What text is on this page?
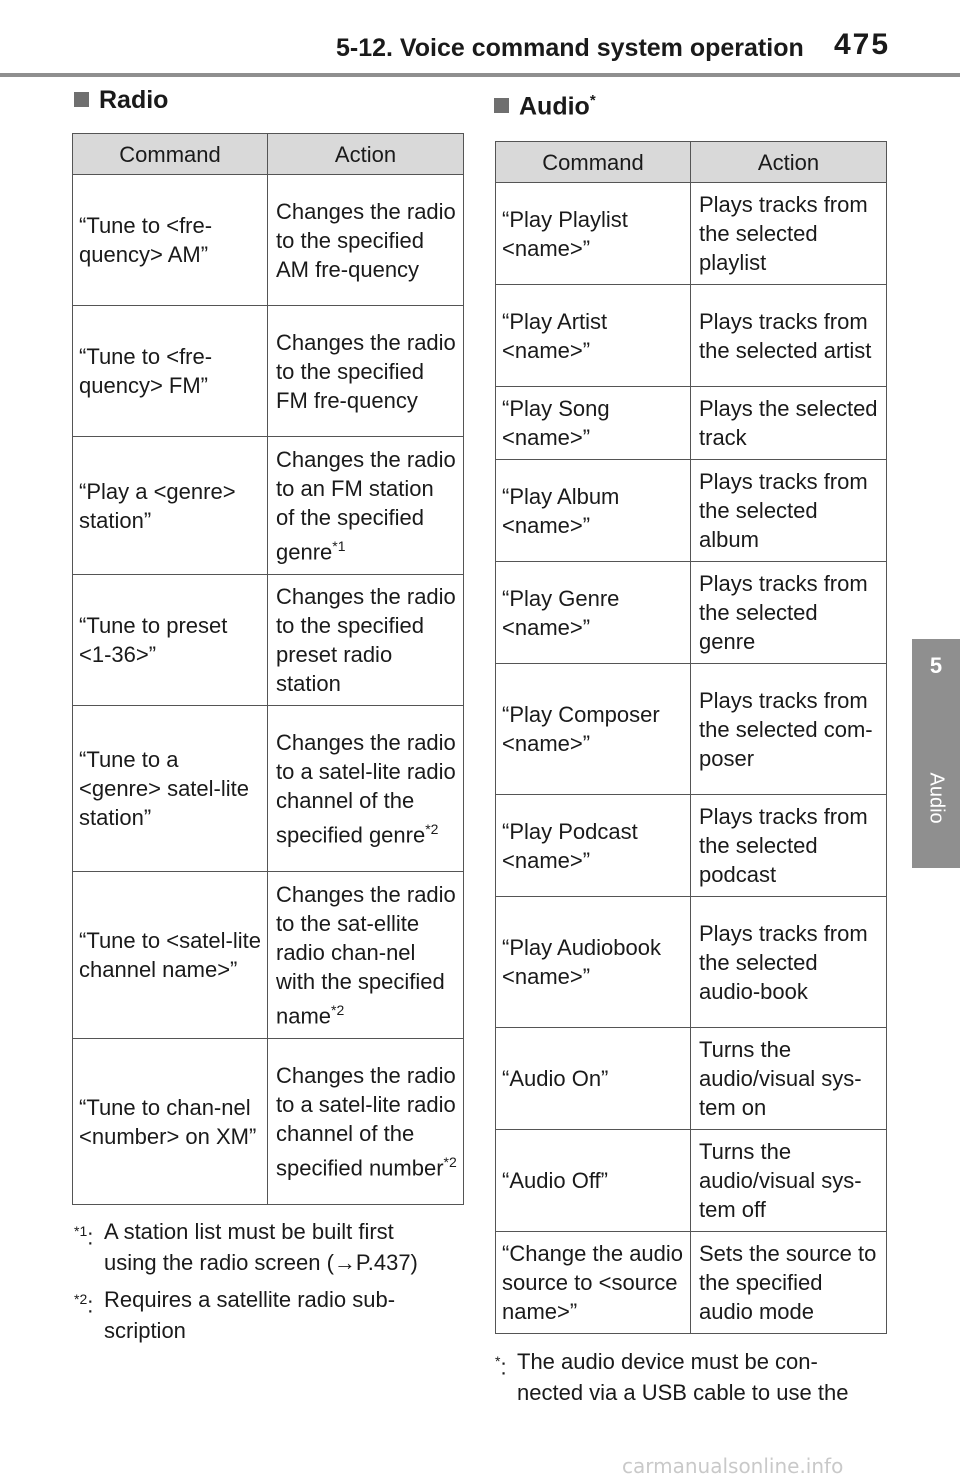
5-12. Voice command system operation 475
5
Audio
Radio
Command	Action
“Tune to <fre-quency> AM”	Changes the radio to the specified AM fre-quency
“Tune to <fre-quency> FM”	Changes the radio to the specified FM fre-quency
“Play a <genre> station”	Changes the radio to an FM station of the specified genre$^{*1}$
“Tune to preset <1-36>”	Changes the radio to the specified preset radio station
“Tune to a <genre> satel-lite station”	Changes the radio to a satel-lite radio channel of the specified genre$^{*2}$
“Tune to <satel-lite channel name>”	Changes the radio to the sat-ellite radio chan-nel with the specified name$^{*2}$
“Tune to chan-nel <number> on XM”	Changes the radio to a satel-lite radio channel of the specified number$^{*2}$
$^{*1}$: A station list must be built first
using the radio screen (→P.437)
$^{*2}$: Requires a satellite radio sub-
scription
Audio*
Command	Action
“Play Playlist <name>”	Plays tracks from the selected playlist
“Play Artist <name>”	Plays tracks from the selected artist
“Play Song <name>”	Plays the selected track
“Play Album <name>”	Plays tracks from the selected album
“Play Genre <name>”	Plays tracks from the selected genre
“Play Composer <name>”	Plays tracks from the selected com-poser
“Play Podcast <name>”	Plays tracks from the selected podcast
“Play Audiobook <name>”	Plays tracks from the selected audio-book
“Audio On”	Turns the audio/visual sys-tem on
“Audio Off”	Turns the audio/visual sys-tem off
“Change the audio source to <source name>”	Sets the source to the specified audio mode
*: The audio device must be con-
nected via a USB cable to use the
carmanualsonline.info
